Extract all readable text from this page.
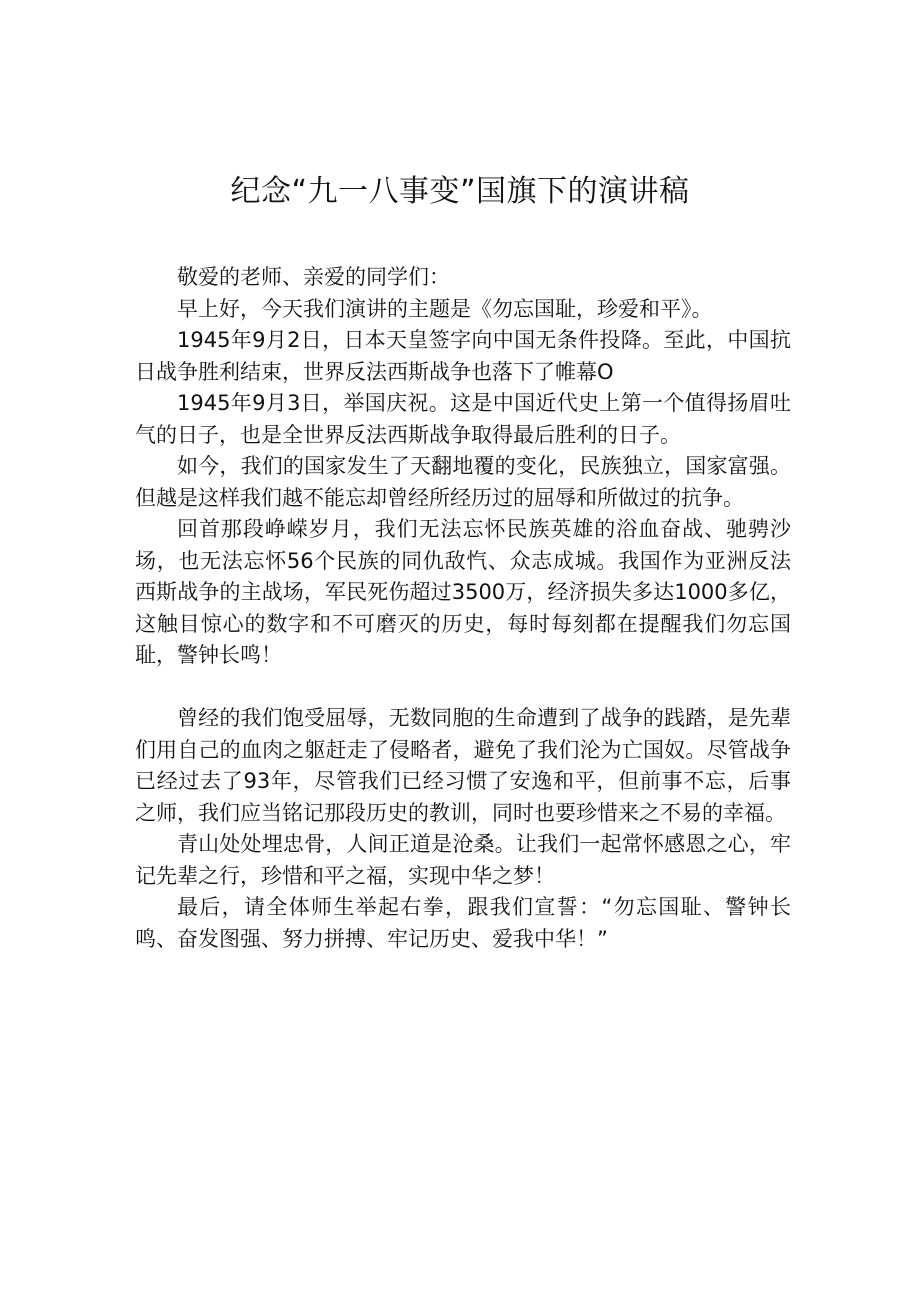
纪念“九一八事变”国旗下的演讲稿

敬爱的老师、亲爱的同学们：

早上好，今天我们演讲的主题是《勿忘国耻，珍爱和平》。

1945年9月2日，日本天皇签字向中国无条件投降。至此，中国抗日战争胜利结束，世界反法西斯战争也落下了帷幕O

1945年9月3日，举国庆祝。这是中国近代史上第一个值得扬眉吐气的日子，也是全世界反法西斯战争取得最后胜利的日子。

如今，我们的国家发生了天翻地覆的变化，民族独立，国家富强。但越是这样我们越不能忘却曾经所经历过的屈辱和所做过的抗争。

回首那段峥嵘岁月，我们无法忘怀民族英雄的浴血奋战、驰骋沙场，也无法忘怀56个民族的同仇敌忾、众志成城。我国作为亚洲反法西斯战争的主战场，军民死伤超过3500万，经济损失多达1000多亿，这触目惊心的数字和不可磨灭的历史，每时每刻都在提醒我们勿忘国耻，警钟长鸣！

曾经的我们饱受屈辱，无数同胞的生命遭到了战争的践踏，是先辈们用自己的血肉之躯赶走了侵略者，避免了我们沦为亡国奴。尽管战争已经过去了93年，尽管我们已经习惯了安逸和平，但前事不忘，后事之师，我们应当铭记那段历史的教训，同时也要珍惜来之不易的幸福。

青山处处埋忠骨，人间正道是沧桑。让我们一起常怀感恩之心，牢记先辈之行，珍惜和平之福，实现中华之梦！

最后，请全体师生举起右拳，跟我们宣誓：“勿忘国耻、警钟长鸣、奋发图强、努力拼搏、牢记历史、爱我中华！”
